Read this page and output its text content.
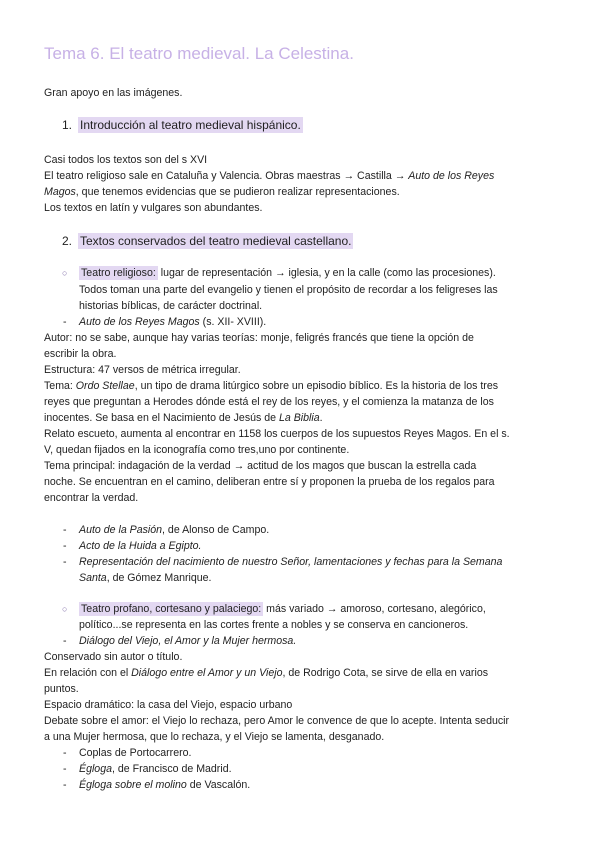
Tema 6. El teatro medieval. La Celestina.
Gran apoyo en las imágenes.
1. Introducción al teatro medieval hispánico.
Casi todos los textos son del s XVI
El teatro religioso sale en Cataluña y Valencia. Obras maestras → Castilla → Auto de los Reyes
Magos, que tenemos evidencias que se pudieron realizar representaciones.
Los textos en latín y vulgares son abundantes.
2. Textos conservados del teatro medieval castellano.
○ Teatro religioso: lugar de representación → iglesia, y en la calle (como las procesiones).
Todos toman una parte del evangelio y tienen el propósito de recordar a los feligreses las
historias bíblicas, de carácter doctrinal.
- Auto de los Reyes Magos (s. XII- XVIII).
Autor: no se sabe, aunque hay varias teorías: monje, feligrés francés que tiene la opción de
escribir la obra.
Estructura: 47 versos de métrica irregular.
Tema: Ordo Stellae, un tipo de drama litúrgico sobre un episodio bíblico. Es la historia de los tres
reyes que preguntan a Herodes dónde está el rey de los reyes, y el comienza la matanza de los
inocentes. Se basa en el Nacimiento de Jesús de La Biblia.
Relato escueto, aumenta al encontrar en 1158 los cuerpos de los supuestos Reyes Magos. En el s.
V, quedan fijados en la iconografía como tres,uno por continente.
Tema principal: indagación de la verdad → actitud de los magos que buscan la estrella cada
noche. Se encuentran en el camino, deliberan entre sí y proponen la prueba de los regalos para
encontrar la verdad.
- Auto de la Pasión, de Alonso de Campo.
- Acto de la Huida a Egipto.
- Representación del nacimiento de nuestro Señor, lamentaciones y fechas para la Semana
Santa, de Gómez Manrique.
○ Teatro profano, cortesano y palaciego: más variado → amoroso, cortesano, alegórico,
político...se representa en las cortes frente a nobles y se conserva en cancioneros.
- Diálogo del Viejo, el Amor y la Mujer hermosa.
Conservado sin autor o título.
En relación con el Diálogo entre el Amor y un Viejo, de Rodrigo Cota, se sirve de ella en varios
puntos.
Espacio dramático: la casa del Viejo, espacio urbano
Debate sobre el amor: el Viejo lo rechaza, pero Amor le convence de que lo acepte. Intenta seducir
a una Mujer hermosa, que lo rechaza, y el Viejo se lamenta, desganado.
- Coplas de Portocarrero.
- Égloga, de Francisco de Madrid.
- Égloga sobre el molino de Vascalón.
